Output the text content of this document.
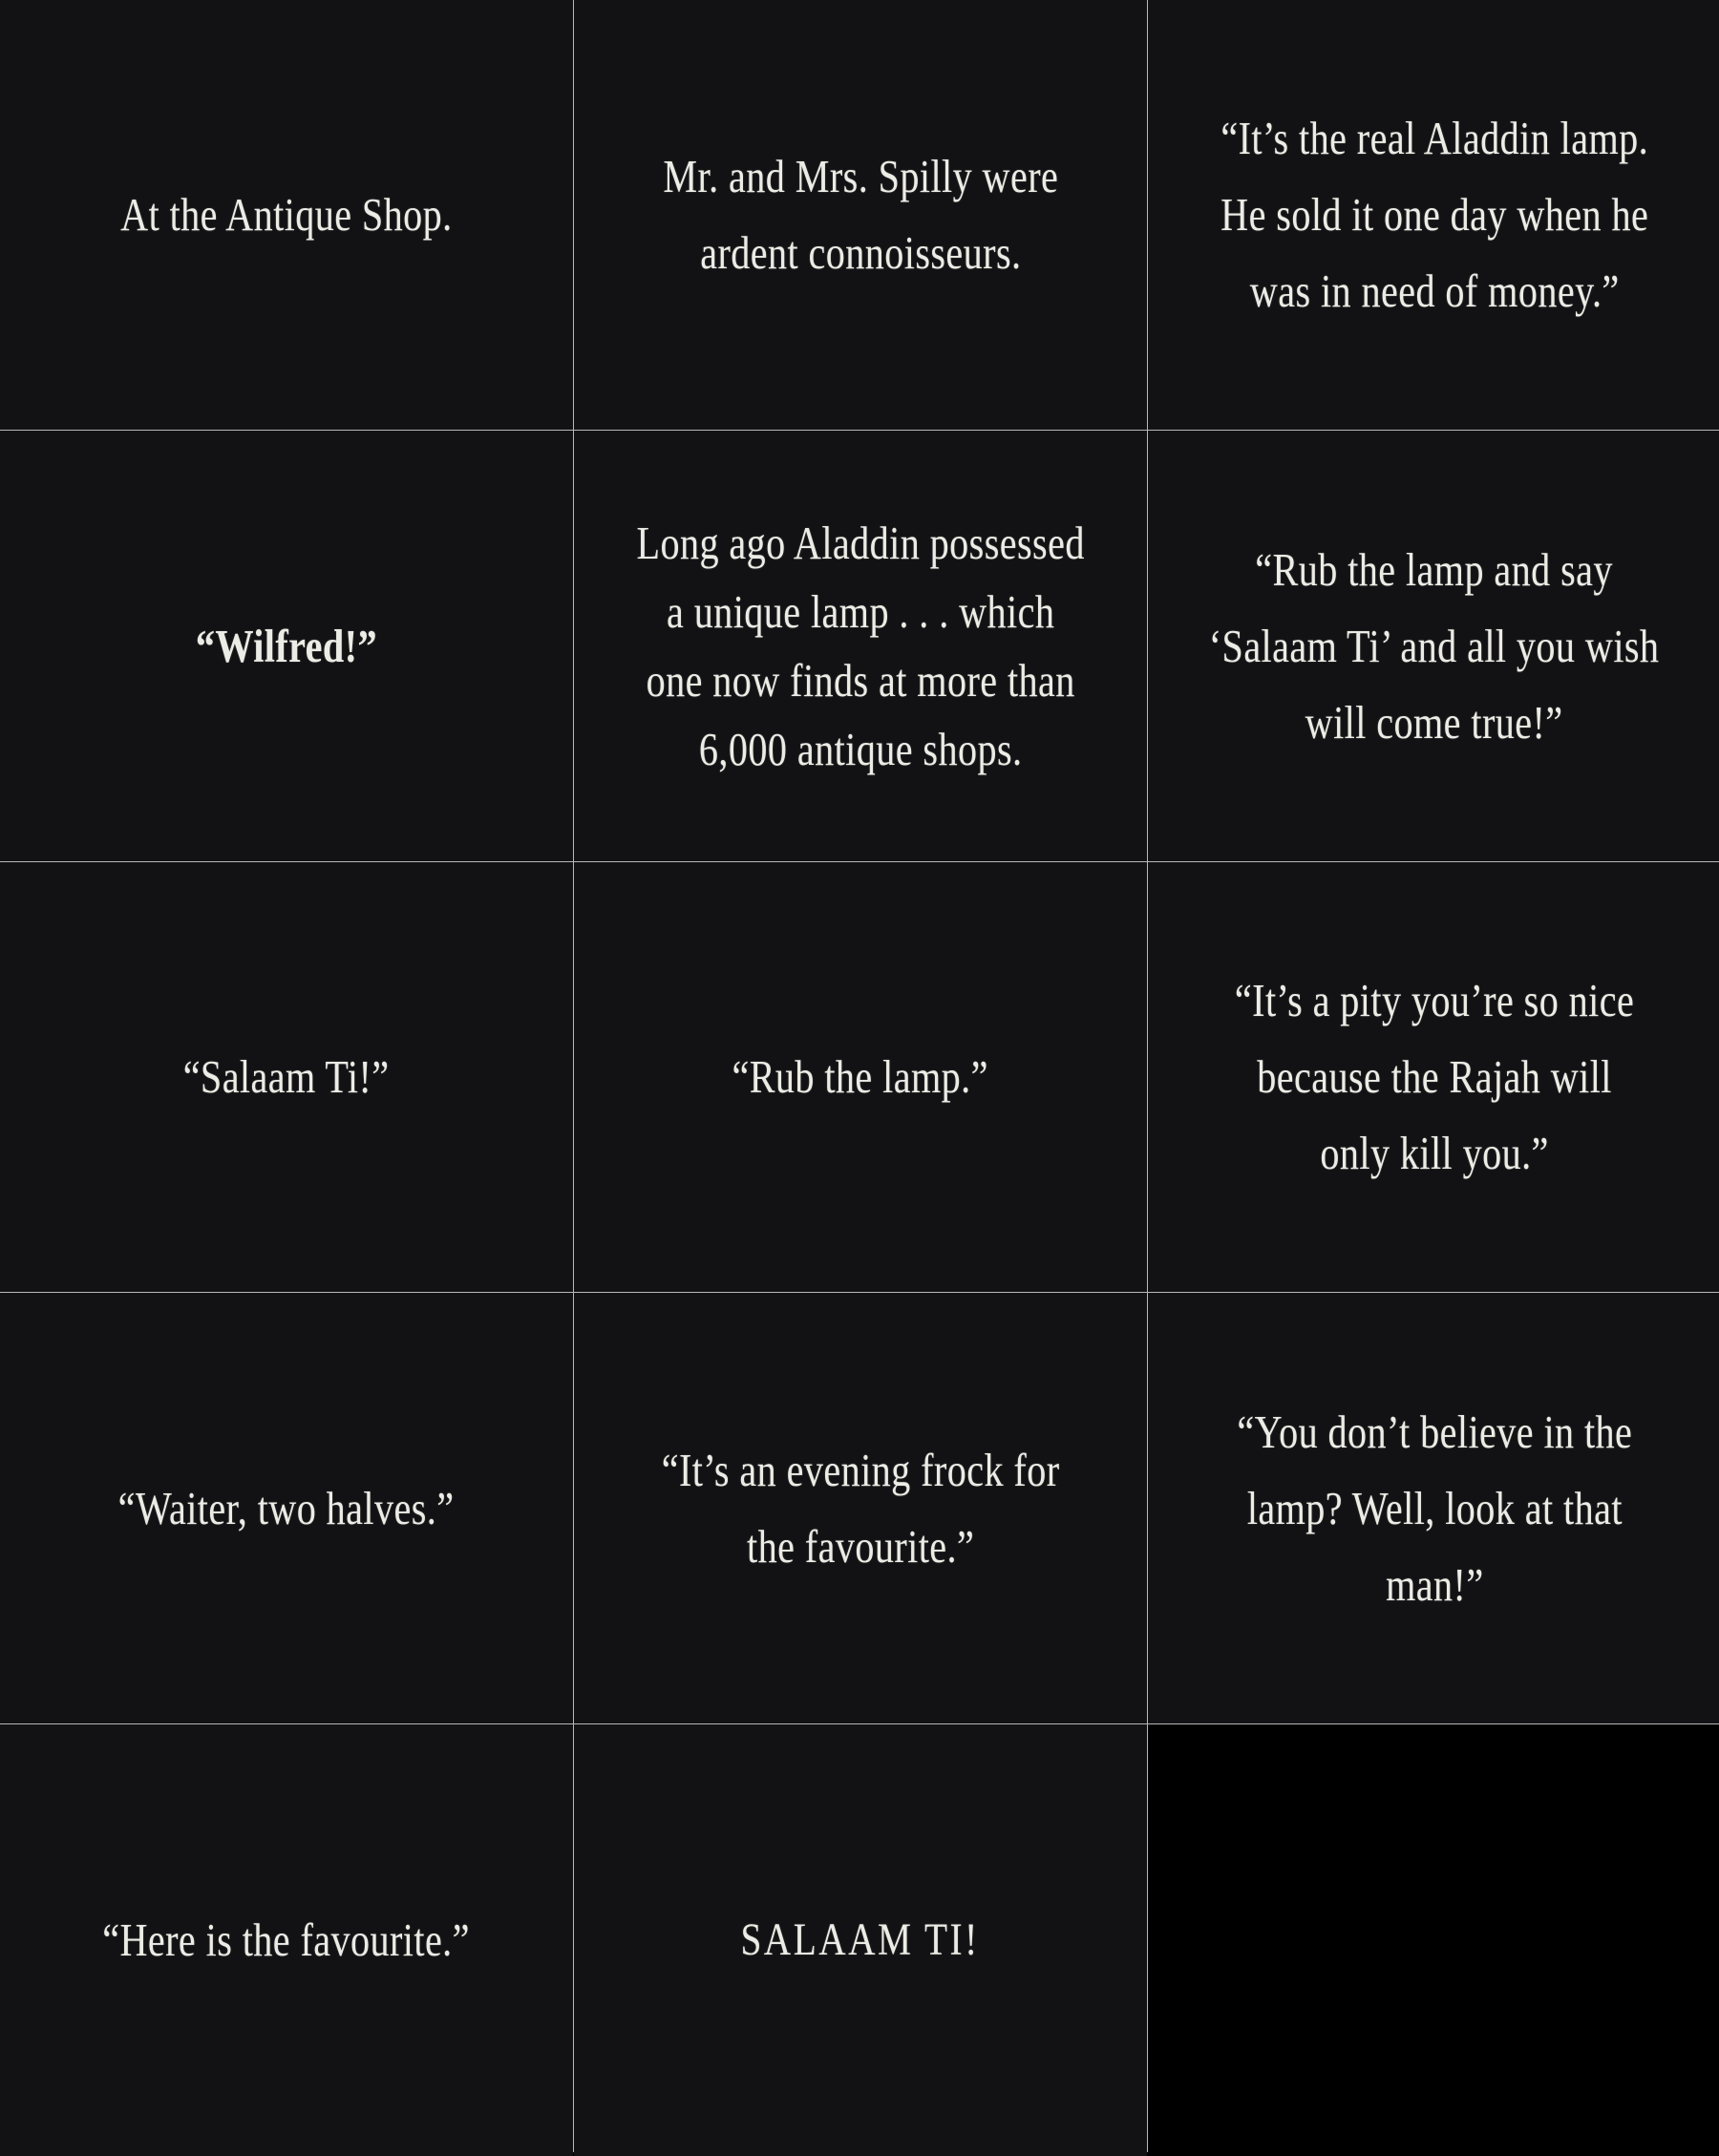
At the Antique Shop.
Mr. and Mrs. Spilly were
ardent connoisseurs.
“It’s the real Aladdin lamp.
He sold it one day when he
was in need of money.”
“Wilfred!”
Long ago Aladdin possessed
a unique lamp . . . which
one now finds at more than
6,000 antique shops.
“Rub the lamp and say
‘Salaam Ti’ and all you wish
will come true!”
“Salaam Ti!”	“Rub the lamp.”
“It’s a pity you’re so nice
because the Rajah will
only kill you.”
“Waiter, two halves.”
“It’s an evening frock for
the favourite.”
“You don’t believe in the
lamp? Well, look at that
man!”
“Here is the favourite.”	SALAAM TI!
